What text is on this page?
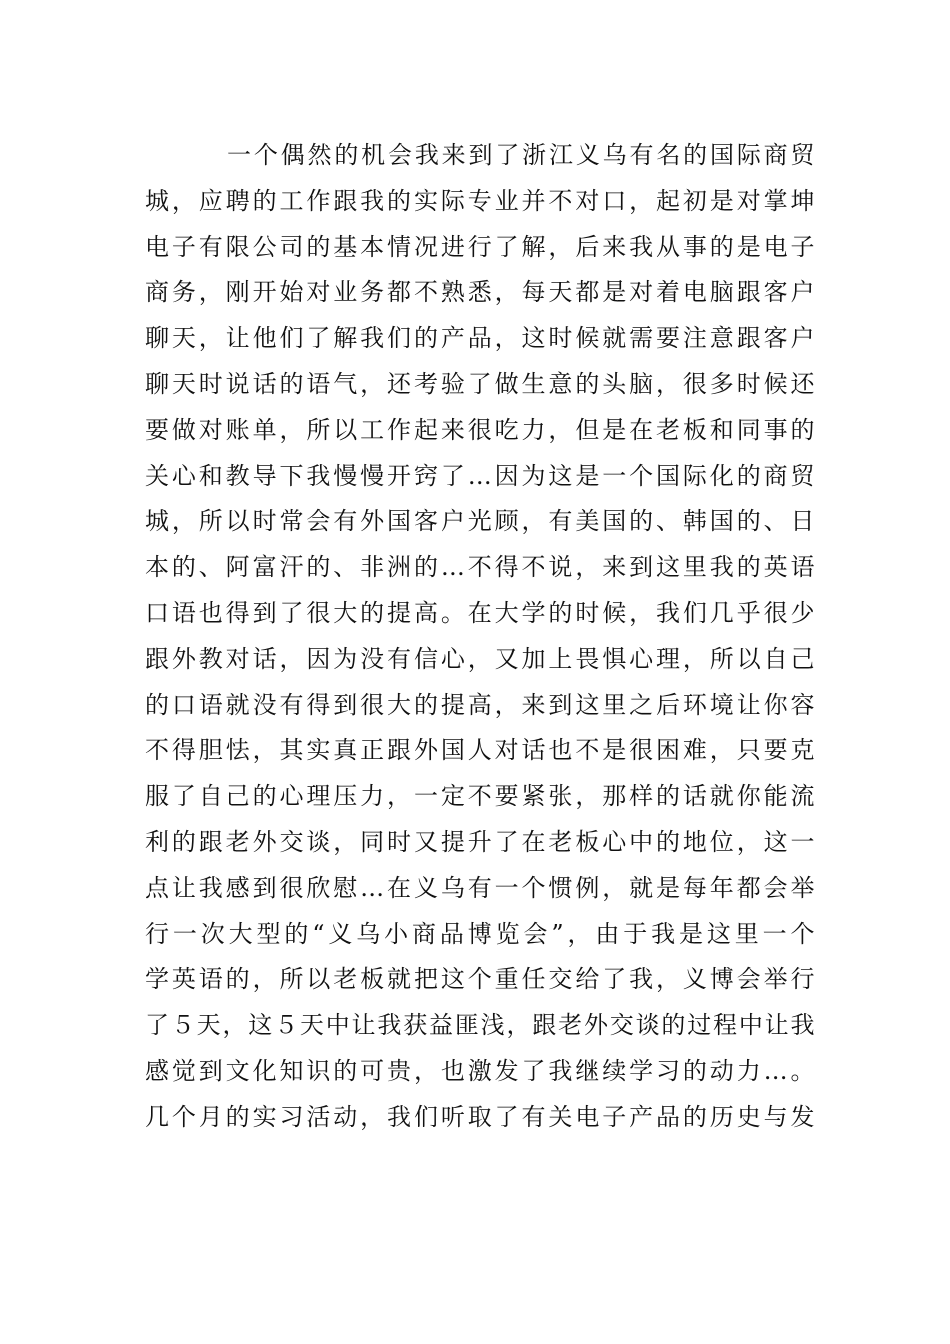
一个偶然的机会我来到了浙江义乌有名的国际商贸
城，应聘的工作跟我的实际专业并不对口，起初是对掌坤
电子有限公司的基本情况进行了解，后来我从事的是电子
商务，刚开始对业务都不熟悉，每天都是对着电脑跟客户
聊天，让他们了解我们的产品，这时候就需要注意跟客户
聊天时说话的语气，还考验了做生意的头脑，很多时候还
要做对账单，所以工作起来很吃力，但是在老板和同事的
关心和教导下我慢慢开窍了…因为这是一个国际化的商贸
城，所以时常会有外国客户光顾，有美国的、韩国的、日
本的、阿富汗的、非洲的…不得不说，来到这里我的英语
口语也得到了很大的提高。在大学的时候，我们几乎很少
跟外教对话，因为没有信心，又加上畏惧心理，所以自己
的口语就没有得到很大的提高，来到这里之后环境让你容
不得胆怯，其实真正跟外国人对话也不是很困难，只要克
服了自己的心理压力，一定不要紧张，那样的话就你能流
利的跟老外交谈，同时又提升了在老板心中的地位，这一
点让我感到很欣慰…在义乌有一个惯例，就是每年都会举
行一次大型的“义乌小商品博览会”，由于我是这里一个
学英语的，所以老板就把这个重任交给了我，义博会举行
了５天，这５天中让我获益匪浅，跟老外交谈的过程中让我
感觉到文化知识的可贵，也激发了我继续学习的动力…。
几个月的实习活动，我们听取了有关电子产品的历史与发
